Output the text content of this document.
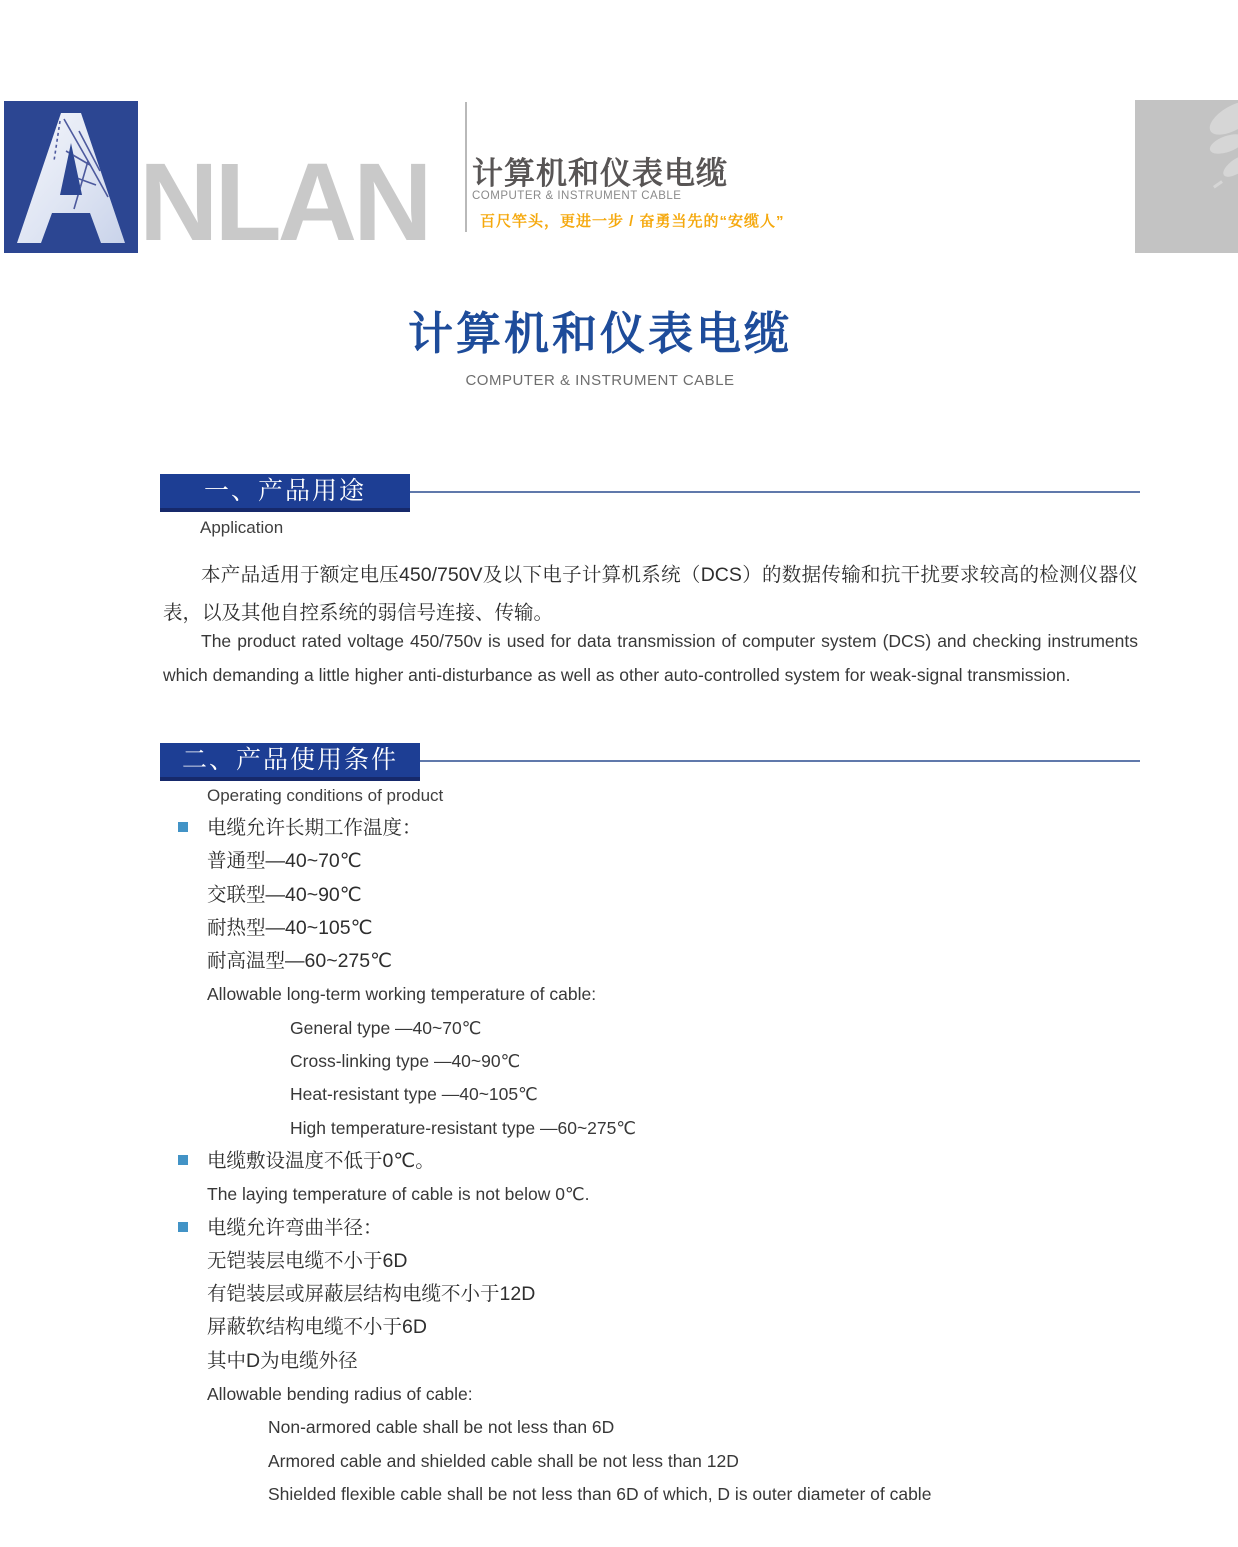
NLAN 计算机和仪表电缆
COMPUTER & INSTRUMENT CABLE
百尺竿头，更进一步 / 奋勇当先的“安缆人”
计算机和仪表电缆
COMPUTER & INSTRUMENT CABLE
一、产品用途
Application
本产品适用于额定电压450/750V及以下电子计算机系统（DCS）的数据传输和抗干扰要求较高的检测仪器仪表，以及其他自控系统的弱信号连接、传输。
The product rated voltage 450/750v is used for data transmission of computer system (DCS) and checking instruments which demanding a little higher anti-disturbance as well as other auto-controlled system for weak-signal transmission.
二、产品使用条件
Operating conditions of product
电缆允许长期工作温度：
普通型—40~70℃
交联型—40~90℃
耐热型—40~105℃
耐高温型—60~275℃
Allowable long-term working temperature of cable:
General type —40~70℃
Cross-linking type —40~90℃
Heat-resistant type —40~105℃
High temperature-resistant type —60~275℃
电缆敷设温度不低于0℃。
The laying temperature of cable is not below 0℃.
电缆允许弯曲半径：
无铠装层电缆不小于6D
有铠装层或屏蔽层结构电缆不小于12D
屏蔽软结构电缆不小于6D
其中D为电缆外径
Allowable bending radius of cable:
Non-armored cable shall be not less than 6D
Armored cable and shielded cable shall be not less than 12D
Shielded flexible cable shall be not less than 6D of which, D is outer diameter of cable
